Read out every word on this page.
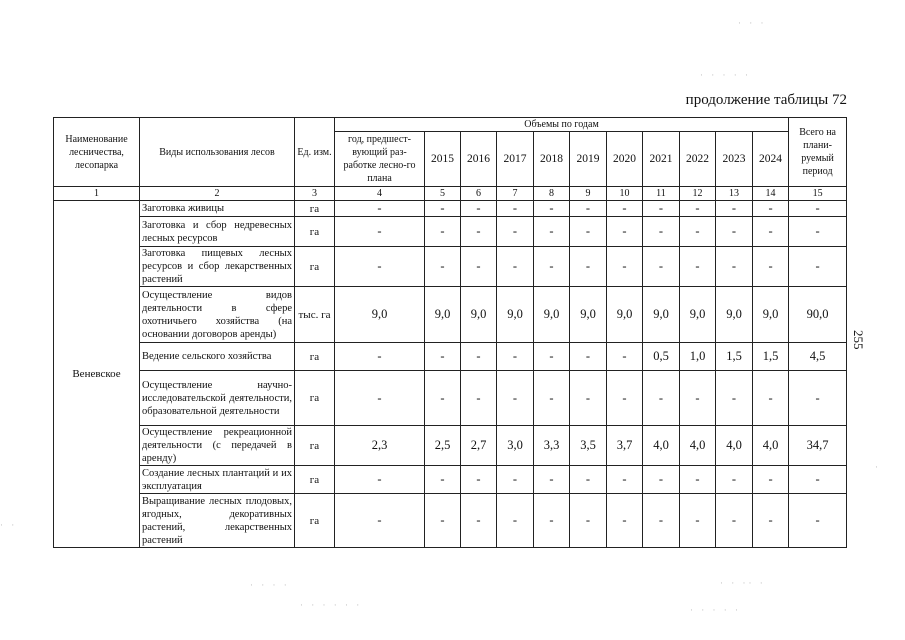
продолжение таблицы 72
255
· · ·
· · · · ·
· · · ·	· · ·· ·
· · · · · ·	· · · · ·
· ·
·
Наименование лесничества, лесопарка	Виды использования лесов	Ед. изм.	Объемы по годам											Всего на плани-руемый период
			год, предшест-вующий раз-работке лесно-го плана	2015	2016	2017	2018	2019	2020	2021	2022	2023	2024	
1	2	3	4	5	6	7	8	9	10	11	12	13	14	15
Веневское	Заготовка живицы	га	-	-	-	-	-	-	-	-	-	-	-	-
	Заготовка и сбор недревесных лесных ресурсов	га	-	-	-	-	-	-	-	-	-	-	-	-
	Заготовка пищевых лесных ресурсов и сбор лекарственных растений	га	-	-	-	-	-	-	-	-	-	-	-	-
	Осуществление видов деятельности в сфере охотничьего хозяйства (на основании договоров аренды)	тыс. га	9,0	9,0	9,0	9,0	9,0	9,0	9,0	9,0	9,0	9,0	9,0	90,0
	Ведение сельского хозяйства	га	-	-	-	-	-	-	-	0,5	1,0	1,5	1,5	4,5
	Осуществление научно-исследовательской деятельности, образовательной деятельности	га	-	-	-	-	-	-	-	-	-	-	-	-
	Осуществление рекреационной деятельности (с передачей в аренду)	га	2,3	2,5	2,7	3,0	3,3	3,5	3,7	4,0	4,0	4,0	4,0	34,7
	Создание лесных плантаций и их эксплуатация	га	-	-	-	-	-	-	-	-	-	-	-	-
	Выращивание лесных плодовых, ягодных, декоративных растений, лекарственных растений	га	-	-	-	-	-	-	-	-	-	-	-	-
